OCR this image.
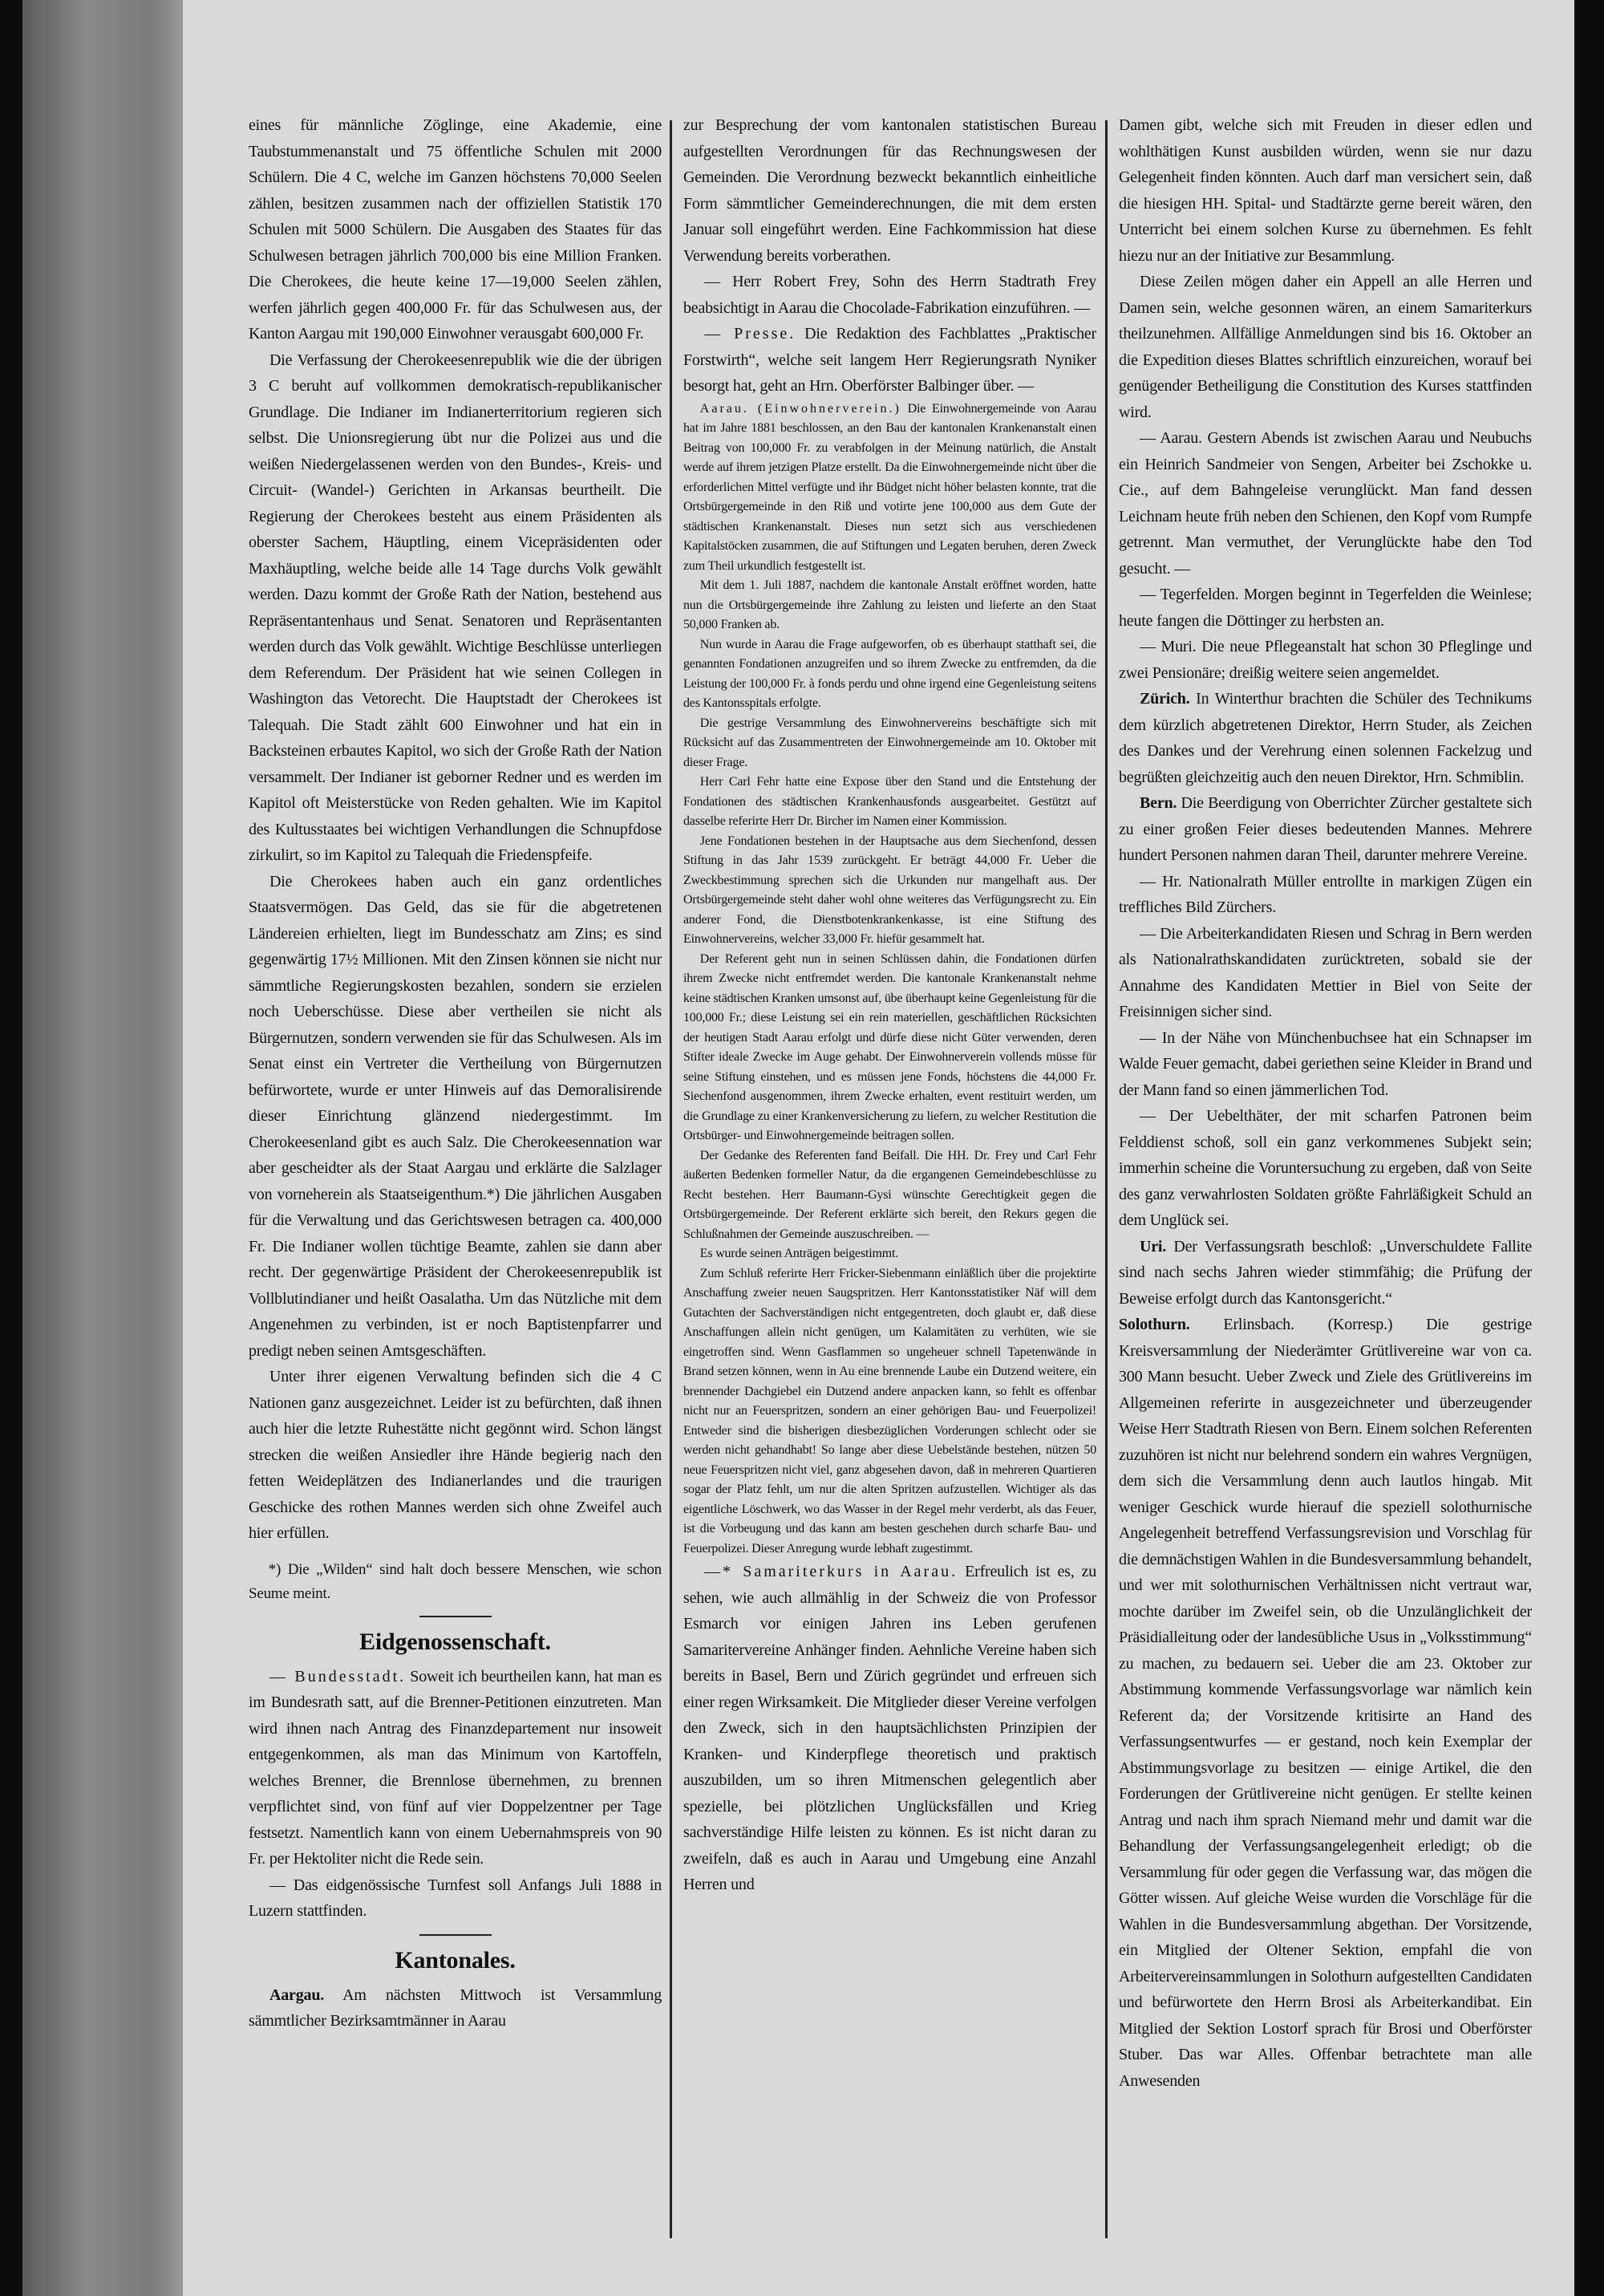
eines für männliche Zöglinge, eine Akademie, eine Taubstummenanstalt und 75 öffentliche Schulen mit 2000 Schülern. Die 4 C, welche im Ganzen höchstens 70,000 Seelen zählen, besitzen zusammen nach der offiziellen Statistik 170 Schulen mit 5000 Schülern. Die Ausgaben des Staates für das Schulwesen betragen jährlich 700,000 bis eine Million Franken. Die Cherokees, die heute keine 17—19,000 Seelen zählen, werfen jährlich gegen 400,000 Fr. für das Schulwesen aus, der Kanton Aargau mit 190,000 Einwohner verausgabt 600,000 Fr.

Die Verfassung der Cherokeesenrepublik wie die der übrigen 3 C beruht auf vollkommen demokratisch-republikanischer Grundlage. Die Indianer im Indianerterritorium regieren sich selbst. Die Unionsregierung übt nur die Polizei aus und die weißen Niedergelassenen werden von den Bundes-, Kreis- und Circuit- (Wandel-) Gerichten in Arkansas beurtheilt. Die Regierung der Cherokees besteht aus einem Präsidenten als oberster Sachem, Häuptling, einem Vicepräsidenten oder Maxhäuptling, welche beide alle 14 Tage durchs Volk gewählt werden. Dazu kommt der Große Rath der Nation, bestehend aus Repräsentantenhaus und Senat. Senatoren und Repräsentanten werden durch das Volk gewählt. Wichtige Beschlüsse unterliegen dem Referendum. Der Präsident hat wie seinen Collegen in Washington das Vetorecht. Die Hauptstadt der Cherokees ist Talequah. Die Stadt zählt 600 Einwohner und hat ein in Backsteinen erbautes Kapitol, wo sich der Große Rath der Nation versammelt. Der Indianer ist geborner Redner und es werden im Kapitol oft Meisterstücke von Reden gehalten. Wie im Kapitol des Kultusstaates bei wichtigen Verhandlungen die Schnupfdose zirkulirt, so im Kapitol zu Talequah die Friedenspfeife.

Die Cherokees haben auch ein ganz ordentliches Staatsvermögen. Das Geld, das sie für die abgetretenen Ländereien erhielten, liegt im Bundesschatz am Zins; es sind gegenwärtig 17½ Millionen. Mit den Zinsen können sie nicht nur sämmtliche Regierungskosten bezahlen, sondern sie erzielen noch Ueberschüsse. Diese aber vertheilen sie nicht als Bürgernutzen, sondern verwenden sie für das Schulwesen. Als im Senat einst ein Vertreter die Vertheilung von Bürgernutzen befürwortete, wurde er unter Hinweis auf das Demoralisirende dieser Einrichtung glänzend niedergestimmt. Im Cherokeesenland gibt es auch Salz. Die Cherokeesennation war aber gescheidter als der Staat Aargau und erklärte die Salzlager von vorneherein als Staatseigenthum.*) Die jährlichen Ausgaben für die Verwaltung und das Gerichtswesen betragen ca. 400,000 Fr. Die Indianer wollen tüchtige Beamte, zahlen sie dann aber recht. Der gegenwärtige Präsident der Cherokeesenrepublik ist Vollblutindianer und heißt Oasalatha. Um das Nützliche mit dem Angenehmen zu verbinden, ist er noch Baptistenpfarrer und predigt neben seinen Amtsgeschäften.

Unter ihrer eigenen Verwaltung befinden sich die 4 C Nationen ganz ausgezeichnet. Leider ist zu befürchten, daß ihnen auch hier die letzte Ruhestätte nicht gegönnt wird. Schon längst strecken die weißen Ansiedler ihre Hände begierig nach den fetten Weideplätzen des Indianerlandes und die traurigen Geschicke des rothen Mannes werden sich ohne Zweifel auch hier erfüllen.

*) Die „Wilden“ sind halt doch bessere Menschen, wie schon Seume meint.

Eidgenossenschaft.

— Bundesstadt. Soweit ich beurtheilen kann, hat man es im Bundesrath satt, auf die Brenner-Petitionen einzutreten. Man wird ihnen nach Antrag des Finanzdepartement nur insoweit entgegenkommen, als man das Minimum von Kartoffeln, welches Brenner, die Brennlose übernehmen, zu brennen verpflichtet sind, von fünf auf vier Doppelzentner per Tage festsetzt. Namentlich kann von einem Uebernahmspreis von 90 Fr. per Hektoliter nicht die Rede sein.

— Das eidgenössische Turnfest soll Anfangs Juli 1888 in Luzern stattfinden.

Kantonales.

Aargau. Am nächsten Mittwoch ist Versammlung sämmtlicher Bezirksamtmänner in Aarau

zur Besprechung der vom kantonalen statistischen Bureau aufgestellten Verordnungen für das Rechnungswesen der Gemeinden. Die Verordnung bezweckt bekanntlich einheitliche Form sämmtlicher Gemeinderechnungen, die mit dem ersten Januar soll eingeführt werden. Eine Fachkommission hat diese Verwendung bereits vorberathen.

— Herr Robert Frey, Sohn des Herrn Stadtrath Frey beabsichtigt in Aarau die Chocolade-Fabrikation einzuführen. —

— Presse. Die Redaktion des Fachblattes „Praktischer Forstwirth“, welche seit langem Herr Regierungsrath Nyniker besorgt hat, geht an Hrn. Oberförster Balbinger über. —

Aarau. (Einwohnerverein.) Die Einwohnergemeinde von Aarau hat im Jahre 1881 beschlossen, an den Bau der kantonalen Krankenanstalt einen Beitrag von 100,000 Fr. zu verabfolgen in der Meinung natürlich, die Anstalt werde auf ihrem jetzigen Platze erstellt. Da die Einwohnergemeinde nicht über die erforderlichen Mittel verfügte und ihr Büdget nicht höher belasten konnte, trat die Ortsbürgergemeinde in den Riß und votirte jene 100,000 aus dem Gute der städtischen Krankenanstalt. Dieses nun setzt sich aus verschiedenen Kapitalstöcken zusammen, die auf Stiftungen und Legaten beruhen, deren Zweck zum Theil urkundlich festgestellt ist.

Mit dem 1. Juli 1887, nachdem die kantonale Anstalt eröffnet worden, hatte nun die Ortsbürgergemeinde ihre Zahlung zu leisten und lieferte an den Staat 50,000 Franken ab.

Nun wurde in Aarau die Frage aufgeworfen, ob es überhaupt statthaft sei, die genannten Fondationen anzugreifen und so ihrem Zwecke zu entfremden, da die Leistung der 100,000 Fr. à fonds perdu und ohne irgend eine Gegenleistung seitens des Kantonsspitals erfolgte.

Die gestrige Versammlung des Einwohnervereins beschäftigte sich mit Rücksicht auf das Zusammentreten der Einwohnergemeinde am 10. Oktober mit dieser Frage.

Herr Carl Fehr hatte eine Expose über den Stand und die Entstehung der Fondationen des städtischen Krankenhausfonds ausgearbeitet. Gestützt auf dasselbe referirte Herr Dr. Bircher im Namen einer Kommission.

Jene Fondationen bestehen in der Hauptsache aus dem Siechenfond, dessen Stiftung in das Jahr 1539 zurückgeht. Er beträgt 44,000 Fr. Ueber die Zweckbestimmung sprechen sich die Urkunden nur mangelhaft aus. Der Ortsbürgergemeinde steht daher wohl ohne weiteres das Verfügungsrecht zu. Ein anderer Fond, die Dienstbotenkrankenkasse, ist eine Stiftung des Einwohnervereins, welcher 33,000 Fr. hiefür gesammelt hat.

Der Referent geht nun in seinen Schlüssen dahin, die Fondationen dürfen ihrem Zwecke nicht entfremdet werden. Die kantonale Krankenanstalt nehme keine städtischen Kranken umsonst auf, übe überhaupt keine Gegenleistung für die 100,000 Fr.; diese Leistung sei ein rein materiellen, geschäftlichen Rücksichten der heutigen Stadt Aarau erfolgt und dürfe diese nicht Güter verwenden, deren Stifter ideale Zwecke im Auge gehabt. Der Einwohnerverein vollends müsse für seine Stiftung einstehen, und es müssen jene Fonds, höchstens die 44,000 Fr. Siechenfond ausgenommen, ihrem Zwecke erhalten, event restituirt werden, um die Grundlage zu einer Krankenversicherung zu liefern, zu welcher Restitution die Ortsbürger- und Einwohnergemeinde beitragen sollen.

Der Gedanke des Referenten fand Beifall. Die HH. Dr. Frey und Carl Fehr äußerten Bedenken formeller Natur, da die ergangenen Gemeindebeschlüsse zu Recht bestehen. Herr Baumann-Gysi wünschte Gerechtigkeit gegen die Ortsbürgergemeinde. Der Referent erklärte sich bereit, den Rekurs gegen die Schlußnahmen der Gemeinde auszuschreiben. —

Es wurde seinen Anträgen beigestimmt.

Zum Schluß referirte Herr Fricker-Siebenmann einläßlich über die projektirte Anschaffung zweier neuen Saugspritzen. Herr Kantonsstatistiker Näf will dem Gutachten der Sachverständigen nicht entgegentreten, doch glaubt er, daß diese Anschaffungen allein nicht genügen, um Kalamitäten zu verhüten, wie sie eingetroffen sind. Wenn Gasflammen so ungeheuer schnell Tapetenwände in Brand setzen können, wenn in Au eine brennende Laube ein Dutzend weitere, ein brennender Dachgiebel ein Dutzend andere anpacken kann, so fehlt es offenbar nicht nur an Feuerspritzen, sondern an einer gehörigen Bau- und Feuerpolizei! Entweder sind die bisherigen diesbezüglichen Vorderungen schlecht oder sie werden nicht gehandhabt! So lange aber diese Uebelstände bestehen, nützen 50 neue Feuerspritzen nicht viel, ganz abgesehen davon, daß in mehreren Quartieren sogar der Platz fehlt, um nur die alten Spritzen aufzustellen. Wichtiger als das eigentliche Löschwerk, wo das Wasser in der Regel mehr verderbt, als das Feuer, ist die Vorbeugung und das kann am besten geschehen durch scharfe Bau- und Feuerpolizei. Dieser Anregung wurde lebhaft zugestimmt.

—* Samariterkurs in Aarau. Erfreulich ist es, zu sehen, wie auch allmählig in der Schweiz die von Professor Esmarch vor einigen Jahren ins Leben gerufenen Samaritervereine Anhänger finden. Aehnliche Vereine haben sich bereits in Basel, Bern und Zürich gegründet und erfreuen sich einer regen Wirksamkeit. Die Mitglieder dieser Vereine verfolgen den Zweck, sich in den hauptsächlichsten Prinzipien der Kranken- und Kinderpflege theoretisch und praktisch auszubilden, um so ihren Mitmenschen gelegentlich aber spezielle, bei plötzlichen Unglücksfällen und Krieg sachverständige Hilfe leisten zu können. Es ist nicht daran zu zweifeln, daß es auch in Aarau und Umgebung eine Anzahl Herren und

Damen gibt, welche sich mit Freuden in dieser edlen und wohlthätigen Kunst ausbilden würden, wenn sie nur dazu Gelegenheit finden könnten. Auch darf man versichert sein, daß die hiesigen HH. Spital- und Stadtärzte gerne bereit wären, den Unterricht bei einem solchen Kurse zu übernehmen. Es fehlt hiezu nur an der Initiative zur Besammlung.

Diese Zeilen mögen daher ein Appell an alle Herren und Damen sein, welche gesonnen wären, an einem Samariterkurs theilzunehmen. Allfällige Anmeldungen sind bis 16. Oktober an die Expedition dieses Blattes schriftlich einzureichen, worauf bei genügender Betheiligung die Constitution des Kurses stattfinden wird.

— Aarau. Gestern Abends ist zwischen Aarau und Neubuchs ein Heinrich Sandmeier von Sengen, Arbeiter bei Zschokke u. Cie., auf dem Bahngeleise verunglückt. Man fand dessen Leichnam heute früh neben den Schienen, den Kopf vom Rumpfe getrennt. Man vermuthet, der Verunglückte habe den Tod gesucht. —

— Tegerfelden. Morgen beginnt in Tegerfelden die Weinlese; heute fangen die Döttinger zu herbsten an.

— Muri. Die neue Pflegeanstalt hat schon 30 Pfleglinge und zwei Pensionäre; dreißig weitere seien angemeldet.

Zürich. In Winterthur brachten die Schüler des Technikums dem kürzlich abgetretenen Direktor, Herrn Studer, als Zeichen des Dankes und der Verehrung einen solennen Fackelzug und begrüßten gleichzeitig auch den neuen Direktor, Hrn. Schmiblin.

Bern. Die Beerdigung von Oberrichter Zürcher gestaltete sich zu einer großen Feier dieses bedeutenden Mannes. Mehrere hundert Personen nahmen daran Theil, darunter mehrere Vereine.

— Hr. Nationalrath Müller entrollte in markigen Zügen ein treffliches Bild Zürchers.

— Die Arbeiterkandidaten Riesen und Schrag in Bern werden als Nationalrathskandidaten zurücktreten, sobald sie der Annahme des Kandidaten Mettier in Biel von Seite der Freisinnigen sicher sind.

— In der Nähe von Münchenbuchsee hat ein Schnapser im Walde Feuer gemacht, dabei geriethen seine Kleider in Brand und der Mann fand so einen jämmerlichen Tod.

— Der Uebelthäter, der mit scharfen Patronen beim Felddienst schoß, soll ein ganz verkommenes Subjekt sein; immerhin scheine die Voruntersuchung zu ergeben, daß von Seite des ganz verwahrlosten Soldaten größte Fahrläßigkeit Schuld an dem Unglück sei.

Uri. Der Verfassungsrath beschloß: „Unverschuldete Fallite sind nach sechs Jahren wieder stimmfähig; die Prüfung der Beweise erfolgt durch das Kantonsgericht.“

Solothurn. Erlinsbach. (Korresp.) Die gestrige Kreisversammlung der Niederämter Grütlivereine war von ca. 300 Mann besucht. Ueber Zweck und Ziele des Grütlivereins im Allgemeinen referirte in ausgezeichneter und überzeugender Weise Herr Stadtrath Riesen von Bern. Einem solchen Referenten zuzuhören ist nicht nur belehrend sondern ein wahres Vergnügen, dem sich die Versammlung denn auch lautlos hingab. Mit weniger Geschick wurde hierauf die speziell solothurnische Angelegenheit betreffend Verfassungsrevision und Vorschlag für die demnächstigen Wahlen in die Bundesversammlung behandelt, und wer mit solothurnischen Verhältnissen nicht vertraut war, mochte darüber im Zweifel sein, ob die Unzulänglichkeit der Präsidialleitung oder der landesübliche Usus in „Volksstimmung“ zu machen, zu bedauern sei. Ueber die am 23. Oktober zur Abstimmung kommende Verfassungsvorlage war nämlich kein Referent da; der Vorsitzende kritisirte an Hand des Verfassungsentwurfes — er gestand, noch kein Exemplar der Abstimmungsvorlage zu besitzen — einige Artikel, die den Forderungen der Grütlivereine nicht genügen. Er stellte keinen Antrag und nach ihm sprach Niemand mehr und damit war die Behandlung der Verfassungsangelegenheit erledigt; ob die Versammlung für oder gegen die Verfassung war, das mögen die Götter wissen. Auf gleiche Weise wurden die Vorschläge für die Wahlen in die Bundesversammlung abgethan. Der Vorsitzende, ein Mitglied der Oltener Sektion, empfahl die von Arbeitervereinsammlungen in Solothurn aufgestellten Candidaten und befürwortete den Herrn Brosi als Arbeiterkandibat. Ein Mitglied der Sektion Lostorf sprach für Brosi und Oberförster Stuber. Das war Alles. Offenbar betrachtete man alle Anwesenden
